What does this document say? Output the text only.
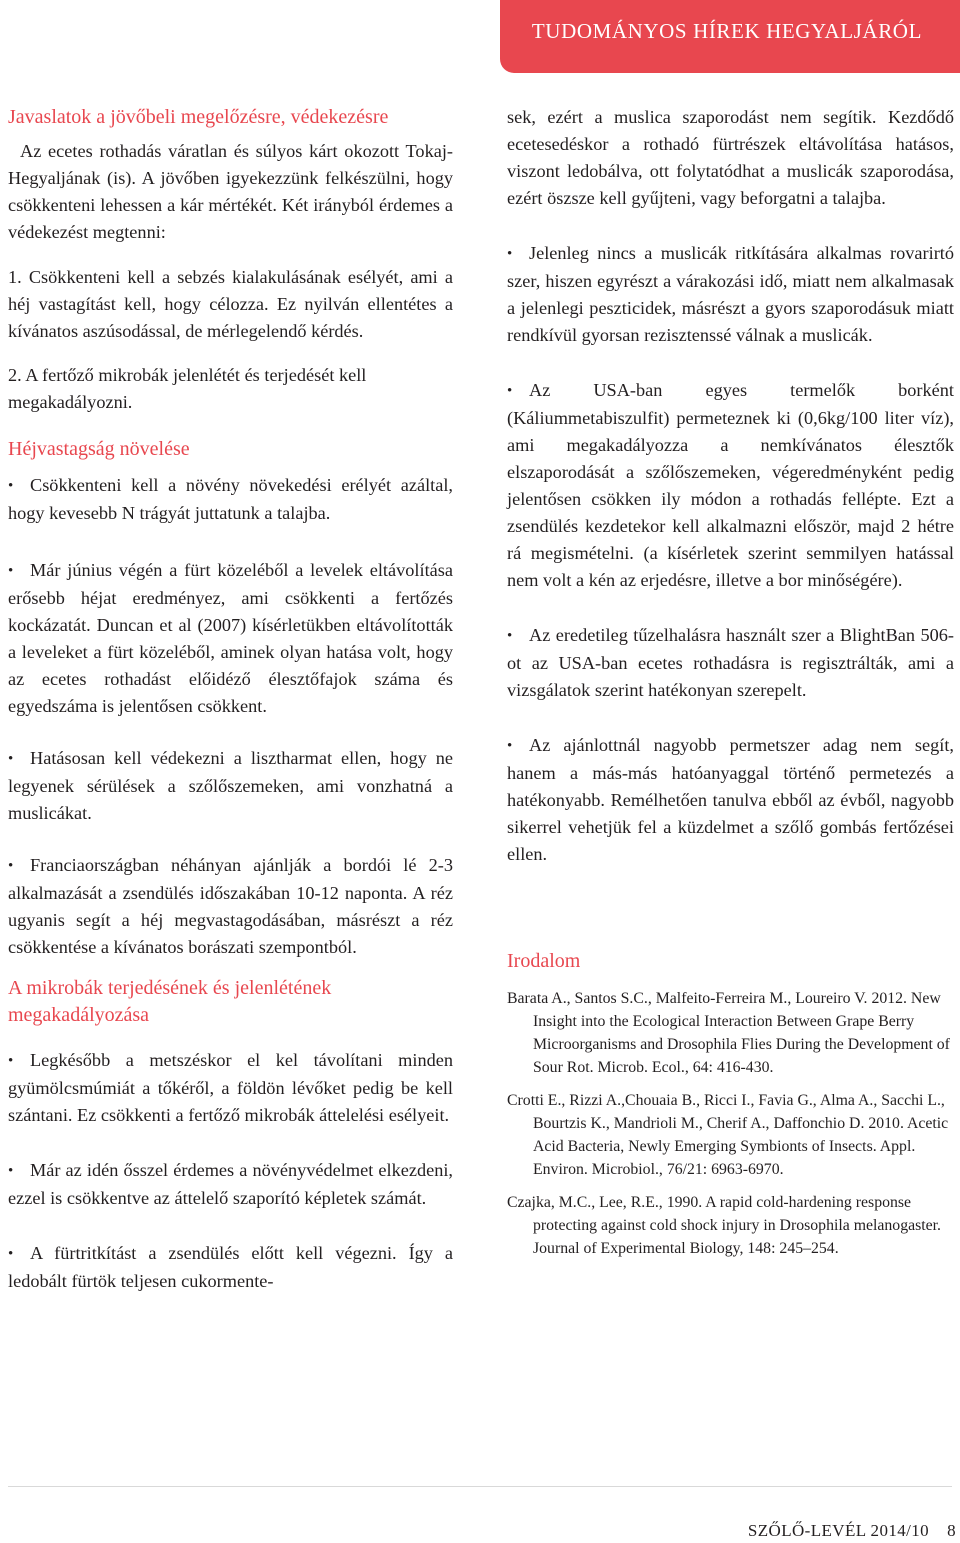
TUDOMÁNYOS HÍREK HEGYALJÁRÓL
Javaslatok a jövőbeli megelőzésre, védekezésre

Az ecetes rothadás váratlan és súlyos kárt okozott Tokaj-Hegyaljának (is). A jövőben igyekezzünk felkészülni, hogy csökkenteni lehessen a kár mértékét. Két irányból érdemes a védekezést megtenni:

1. Csökkenteni kell a sebzés kialakulásának esélyét, ami a héj vastagítást kell, hogy célozza. Ez nyilván ellentétes a kívánatos aszúsodással, de mérlegelendő kérdés.

2. A fertőző mikrobák jelenlétét és terjedését kell megakadályozni.

Héjvastagság növelése

• Csökkenteni kell a növény növekedési erélyét azáltal, hogy kevesebb N trágyát juttatunk a talajba.

• Már június végén a fürt közeléből a levelek eltávolítása erősebb héjat eredményez, ami csökkenti a fertőzés kockázatát. Duncan et al (2007) kísérletükben eltávolították a leveleket a fürt közeléből, aminek olyan hatása volt, hogy az ecetes rothadást előidéző élesztőfajok száma és egyedszáma is jelentősen csökkent.

• Hatásosan kell védekezni a lisztharmat ellen, hogy ne legyenek sérülések a szőlőszemeken, ami vonzhatná a muslicákat.

• Franciaországban néhányan ajánlják a bordói lé 2-3 alkalmazását a zsendülés időszakában 10-12 naponta. A réz ugyanis segít a héj megvastagodásában, másrészt a réz csökkentése a kívánatos borászati szempontból.

A mikrobák terjedésének és jelenlétének megakadályozása

• Legkésőbb a metszéskor el kel távolítani minden gyümölcsmúmiát a tőkéről, a földön lévőket pedig be kell szántani. Ez csökkenti a fertőző mikrobák áttelelési esélyeit.

• Már az idén ősszel érdemes a növényvédelmet elkezdeni, ezzel is csökkentve az áttelelő szaporító képletek számát.

• A fürtritkítást a zsendülés előtt kell végezni. Így a ledobált fürtök teljesen cukormente-

sek, ezért a muslica szaporodást nem segítik. Kezdődő ecetesedéskor a rothadó fürtrészek eltávolítása hatásos, viszont ledobálva, ott folytatódhat a muslicák szaporodása, ezért öszsze kell gyűjteni, vagy beforgatni a talajba.

• Jelenleg nincs a muslicák ritkítására alkalmas rovarirtó szer, hiszen egyrészt a várakozási idő, miatt nem alkalmasak a jelenlegi peszticidek, másrészt a gyors szaporodásuk miatt rendkívül gyorsan rezisztenssé válnak a muslicák.

• Az USA-ban egyes termelők borként (Káliummetabiszulfit) permeteznek ki (0,6kg/100 liter víz), ami megakadályozza a nemkívánatos élesztők elszaporodását a szőlőszemeken, végeredményként pedig jelentősen csökken ily módon a rothadás fellépte. Ezt a zsendülés kezdetekor kell alkalmazni először, majd 2 hétre rá megismételni. (a kísérletek szerint semmilyen hatással nem volt a kén az erjedésre, illetve a bor minőségére).

• Az eredetileg tűzelhalásra használt szer a BlightBan 506-ot az USA-ban ecetes rothadásra is regisztrálták, ami a vizsgálatok szerint hatékonyan szerepelt.

• Az ajánlottnál nagyobb permetszer adag nem segít, hanem a más-más hatóanyaggal történő permetezés a hatékonyabb. Remélhetően tanulva ebből az évből, nagyobb sikerrel vehetjük fel a küzdelmet a szőlő gombás fertőzései ellen.

Irodalom

Barata A., Santos S.C., Malfeito-Ferreira M., Loureiro V. 2012. New Insight into the Ecological Interaction Between Grape Berry Microorganisms and Drosophila Flies During the Development of Sour Rot. Microb. Ecol., 64: 416-430.

Crotti E., Rizzi A.,Chouaia B., Ricci I., Favia G., Alma A., Sacchi L., Bourtzis K., Mandrioli M., Cherif A., Daffonchio D. 2010. Acetic Acid Bacteria, Newly Emerging Symbionts of Insects. Appl. Environ. Microbiol., 76/21: 6963-6970.

Czajka, M.C., Lee, R.E., 1990. A rapid cold-hardening response protecting against cold shock injury in Drosophila melanogaster. Journal of Experimental Biology, 148: 245–254.

SZŐLŐ-LEVÉL 2014/10 8
